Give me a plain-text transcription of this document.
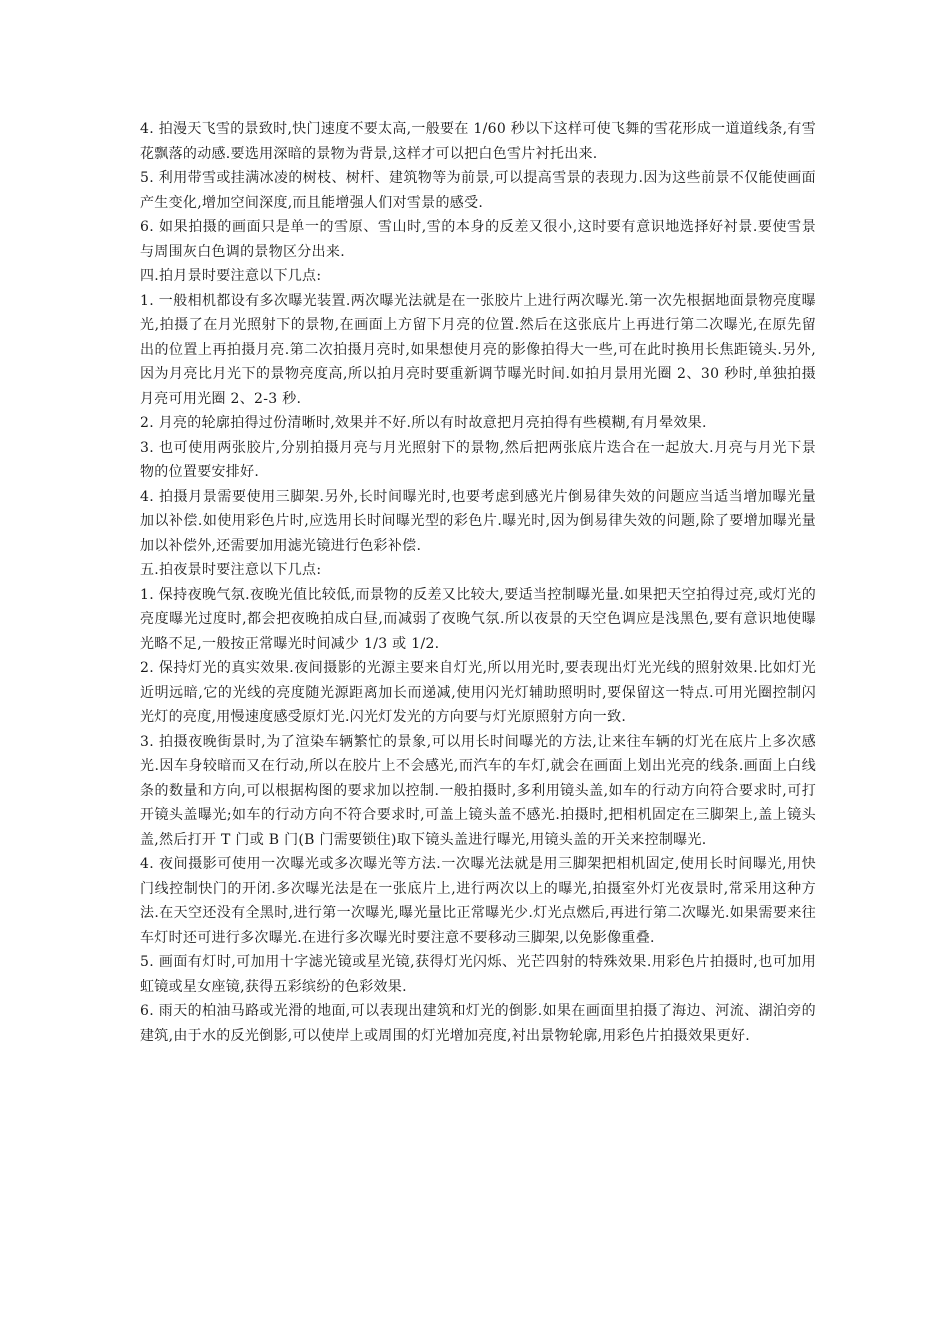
4. 拍漫天飞雪的景致时,快门速度不要太高,一般要在 1/60 秒以下这样可使飞舞的雪花形成一道道线条,有雪花飘落的动感.要选用深暗的景物为背景,这样才可以把白色雪片衬托出来.

5. 利用带雪或挂满冰凌的树枝、树杆、建筑物等为前景,可以提高雪景的表现力.因为这些前景不仅能使画面产生变化,增加空间深度,而且能增强人们对雪景的感受.

6. 如果拍摄的画面只是单一的雪原、雪山时,雪的本身的反差又很小,这时要有意识地选择好衬景.要使雪景与周围灰白色调的景物区分出来.

四.拍月景时要注意以下几点:

1. 一般相机都设有多次曝光装置.两次曝光法就是在一张胶片上进行两次曝光.第一次先根据地面景物亮度曝光,拍摄了在月光照射下的景物,在画面上方留下月亮的位置.然后在这张底片上再进行第二次曝光,在原先留出的位置上再拍摄月亮.第二次拍摄月亮时,如果想使月亮的影像拍得大一些,可在此时换用长焦距镜头.另外,因为月亮比月光下的景物亮度高,所以拍月亮时要重新调节曝光时间.如拍月景用光圈 2、30 秒时,单独拍摄月亮可用光圈 2、2-3 秒.

2. 月亮的轮廓拍得过份清晰时,效果并不好.所以有时故意把月亮拍得有些模糊,有月晕效果.

3. 也可使用两张胶片,分别拍摄月亮与月光照射下的景物,然后把两张底片迭合在一起放大.月亮与月光下景物的位置要安排好.

4. 拍摄月景需要使用三脚架.另外,长时间曝光时,也要考虑到感光片倒易律失效的问题应当适当增加曝光量加以补偿.如使用彩色片时,应选用长时间曝光型的彩色片.曝光时,因为倒易律失效的问题,除了要增加曝光量加以补偿外,还需要加用滤光镜进行色彩补偿.

五.拍夜景时要注意以下几点:

1. 保持夜晚气氛.夜晚光值比较低,而景物的反差又比较大,要适当控制曝光量.如果把天空拍得过亮,或灯光的亮度曝光过度时,都会把夜晚拍成白昼,而减弱了夜晚气氛.所以夜景的天空色调应是浅黑色,要有意识地使曝光略不足,一般按正常曝光时间减少 1/3 或 1/2.

2. 保持灯光的真实效果.夜间摄影的光源主要来自灯光,所以用光时,要表现出灯光光线的照射效果.比如灯光近明远暗,它的光线的亮度随光源距离加长而递减,使用闪光灯辅助照明时,要保留这一特点.可用光圈控制闪光灯的亮度,用慢速度感受原灯光.闪光灯发光的方向要与灯光原照射方向一致.

3. 拍摄夜晚街景时,为了渲染车辆繁忙的景象,可以用长时间曝光的方法,让来往车辆的灯光在底片上多次感光.因车身较暗而又在行动,所以在胶片上不会感光,而汽车的车灯,就会在画面上划出光亮的线条.画面上白线条的数量和方向,可以根据构图的要求加以控制.一般拍摄时,多利用镜头盖,如车的行动方向符合要求时,可打开镜头盖曝光;如车的行动方向不符合要求时,可盖上镜头盖不感光.拍摄时,把相机固定在三脚架上,盖上镜头盖,然后打开 T 门或 B 门(B 门需要锁住)取下镜头盖进行曝光,用镜头盖的开关来控制曝光.

4. 夜间摄影可使用一次曝光或多次曝光等方法.一次曝光法就是用三脚架把相机固定,使用长时间曝光,用快门线控制快门的开闭.多次曝光法是在一张底片上,进行两次以上的曝光,拍摄室外灯光夜景时,常采用这种方法.在天空还没有全黑时,进行第一次曝光,曝光量比正常曝光少.灯光点燃后,再进行第二次曝光.如果需要来往车灯时还可进行多次曝光.在进行多次曝光时要注意不要移动三脚架,以免影像重叠.

5. 画面有灯时,可加用十字滤光镜或星光镜,获得灯光闪烁、光芒四射的特殊效果.用彩色片拍摄时,也可加用虹镜或星女座镜,获得五彩缤纷的色彩效果.

6. 雨天的柏油马路或光滑的地面,可以表现出建筑和灯光的倒影.如果在画面里拍摄了海边、河流、湖泊旁的建筑,由于水的反光倒影,可以使岸上或周围的灯光增加亮度,衬出景物轮廓,用彩色片拍摄效果更好.
